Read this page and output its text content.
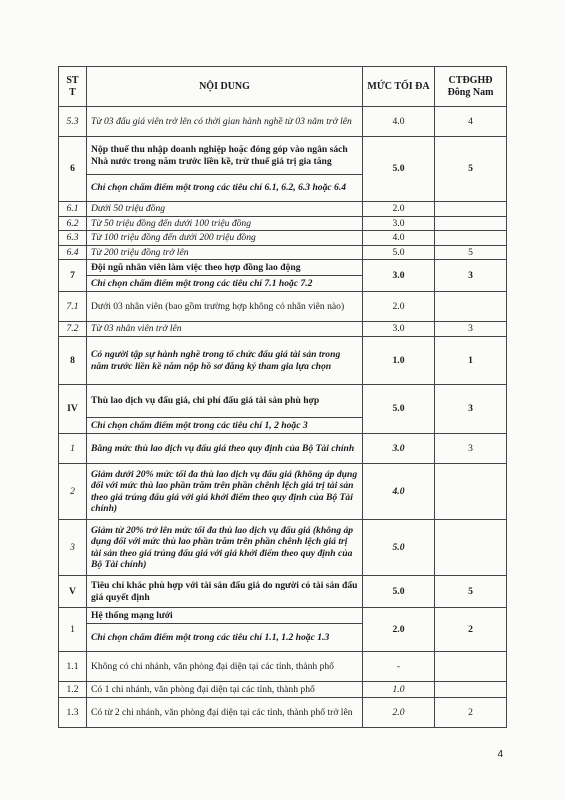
ST T	NỘI DUNG	MỨC TỐI ĐA	CTĐGHĐ Đông Nam
5.3	Từ 03 đấu giá viên trở lên có thời gian hành nghề từ 03 năm trở lên	4.0	4
6	Nộp thuế thu nhập doanh nghiệp hoặc đóng góp vào ngân sách Nhà nước trong năm trước liền kề, trừ thuế giá trị gia tăng	5.0	5
	Chỉ chọn chấm điểm một trong các tiêu chí 6.1, 6.2, 6.3 hoặc 6.4		
6.1	Dưới 50 triệu đồng	2.0	
6.2	Từ 50 triệu đồng đến dưới 100 triệu đồng	3.0	
6.3	Từ 100 triệu đồng đến dưới 200 triệu đồng	4.0	
6.4	Từ 200 triệu đồng trở lên	5.0	5
7	Đội ngũ nhân viên làm việc theo hợp đồng lao động	3.0	3
	Chỉ chọn chấm điểm một trong các tiêu chí 7.1 hoặc 7.2		
7.1	Dưới 03 nhân viên (bao gồm trường hợp không có nhân viên nào)	2.0	
7.2	Từ 03 nhân viên trở lên	3.0	3
8	Có người tập sự hành nghề trong tổ chức đấu giá tài sản trong năm trước liền kề năm nộp hồ sơ đăng ký tham gia lựa chọn	1.0	1
IV	Thù lao dịch vụ đấu giá, chi phí đấu giá tài sản phù hợp	5.0	3
	Chỉ chọn chấm điểm một trong các tiêu chí 1, 2 hoặc 3		
1	Bằng mức thù lao dịch vụ đấu giá theo quy định của Bộ Tài chính	3.0	3
2	Giảm dưới 20% mức tối đa thù lao dịch vụ đấu giá (không áp dụng đối với mức thù lao phần trăm trên phần chênh lệch giá trị tài sản theo giá trúng đấu giá với giá khởi điểm theo quy định của Bộ Tài chính)	4.0	
3	Giảm từ 20% trở lên mức tối đa thù lao dịch vụ đấu giá (không áp dụng đối với mức thù lao phần trăm trên phần chênh lệch giá trị tài sản theo giá trúng đấu giá với giá khởi điểm theo quy định của Bộ Tài chính)	5.0	
V	Tiêu chí khác phù hợp với tài sản đấu giá do người có tài sản đấu giá quyết định	5.0	5
1	Hệ thống mạng lưới	2.0	2
	Chỉ chọn chấm điểm một trong các tiêu chí 1.1, 1.2 hoặc 1.3		
1.1	Không có chi nhánh, văn phòng đại diện tại các tỉnh, thành phố	-	
1.2	Có 1 chi nhánh, văn phòng đại diện tại các tỉnh, thành phố	1.0	
1.3	Có từ 2 chi nhánh, văn phòng đại diện tại các tỉnh, thành phố trở lên	2.0	2
4
